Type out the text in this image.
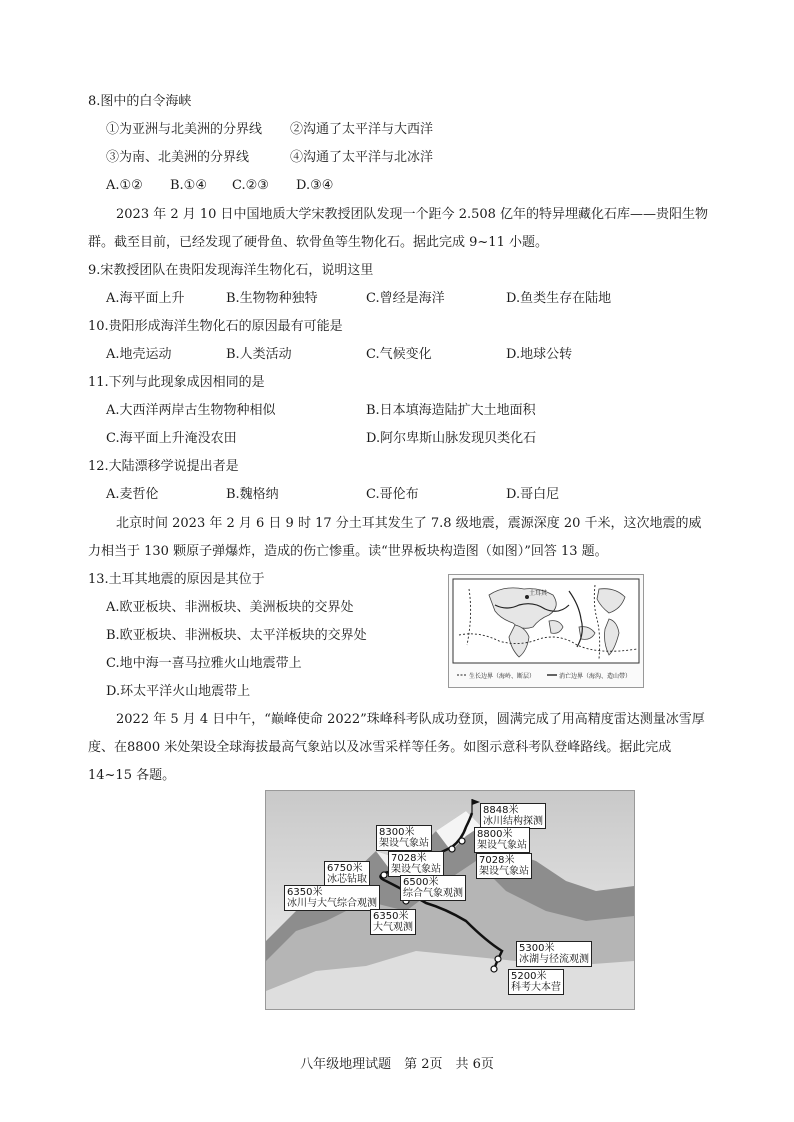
8.图中的白令海峡
①为亚洲与北美洲的分界线 ②沟通了太平洋与大西洋
③为南、北美洲的分界线	④沟通了太平洋与北冰洋
A.①② B.①④ C.②③ D.③④
2023 年 2 月 10 日中国地质大学宋教授团队发现一个距今 2.508 亿年的特异埋藏化石库——贵阳生物群。截至目前，已经发现了硬骨鱼、软骨鱼等生物化石。据此完成 9~11 小题。
9.宋教授团队在贵阳发现海洋生物化石，说明这里
A.海平面上升	B.生物物种独特	C.曾经是海洋	D.鱼类生存在陆地
10.贵阳形成海洋生物化石的原因最有可能是
A.地壳运动	B.人类活动	C.气候变化	D.地球公转
11.下列与此现象成因相同的是
A.大西洋两岸古生物物种相似	B.日本填海造陆扩大土地面积
C.海平面上升淹没农田	D.阿尔卑斯山脉发现贝类化石
12.大陆漂移学说提出者是
A.麦哲伦	B.魏格纳	C.哥伦布	D.哥白尼
北京时间 2023 年 2 月 6 日 9 时 17 分土耳其发生了 7.8 级地震，震源深度 20 千米，这次地震的威力相当于 130 颗原子弹爆炸，造成的伤亡惨重。读“世界板块构造图（如图）”回答 13 题。
13.土耳其地震的原因是其位于
A.欧亚板块、非洲板块、美洲板块的交界处
B.欧亚板块、非洲板块、太平洋板块的交界处
C.地中海一喜马拉雅火山地震带上
D.环太平洋火山地震带上
土耳其
生长边界（海岭、断层）	消亡边界（海沟、造山带）
2022 年 5 月 4 日中午，“巅峰使命 2022”珠峰科考队成功登顶，圆满完成了用高精度雷达测量冰雪厚度、在8800 米处架设全球海拔最高气象站以及冰雪采样等任务。如图示意科考队登峰路线。据此完成 14~15 各题。
8848米
冰川结构探测
8800米
架设气象站
8300米
架设气象站
7028米
架设气象站
7028米
架设气象站
6750米
冰芯钻取	6500米
综合气象观测
6350米
冰川与大气综合观测
6350米
大气观测
5300米
冰湖与径流观测
5200米
科考大本营
八年级地理试题　第 2页　共 6页
